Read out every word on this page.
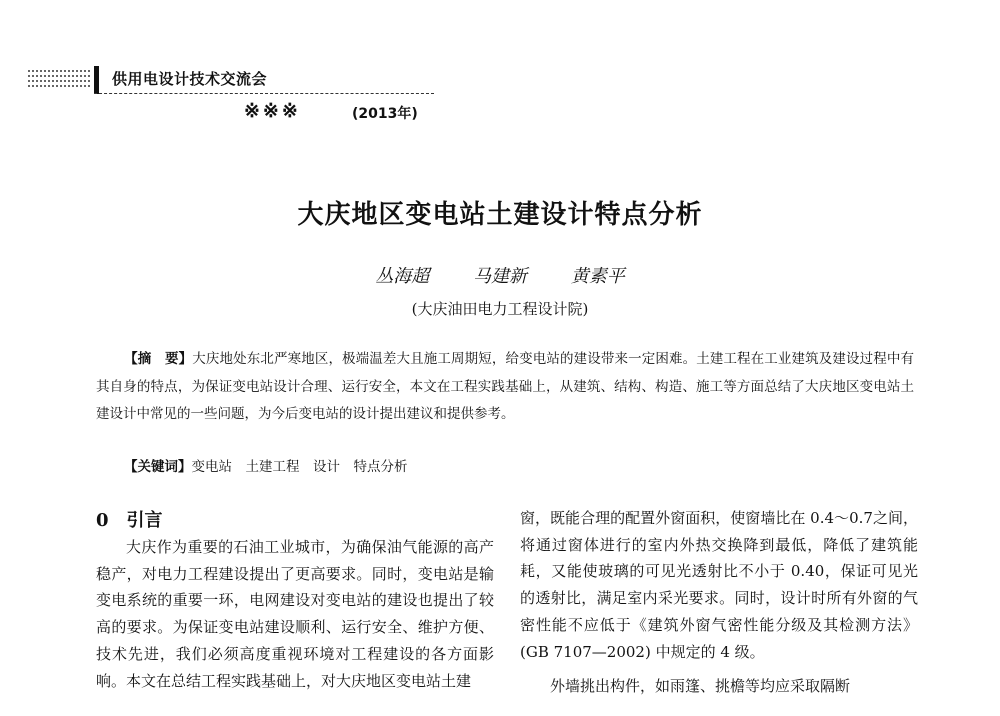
供用电设计技术交流会
※※※	(2013年)
大庆地区变电站土建设计特点分析
丛海超 马建新 黄素平
(大庆油田电力工程设计院)
【摘　要】大庆地处东北严寒地区，极端温差大且施工周期短，给变电站的建设带来一定困难。土建工程在工业建筑及建设过程中有其自身的特点，为保证变电站设计合理、运行安全，本文在工程实践基础上，从建筑、结构、构造、施工等方面总结了大庆地区变电站土建设计中常见的一些问题，为今后变电站的设计提出建议和提供参考。
【关键词】变电站　土建工程　设计　特点分析
0 引言

大庆作为重要的石油工业城市，为确保油气能源的高产稳产，对电力工程建设提出了更高要求。同时，变电站是输变电系统的重要一环，电网建设对变电站的建设也提出了较高的要求。为保证变电站建设顺利、运行安全、维护方便、技术先进，我们必须高度重视环境对工程建设的各方面影响。本文在总结工程实践基础上，对大庆地区变电站土建

窗，既能合理的配置外窗面积，使窗墙比在 0.4～0.7之间，将通过窗体进行的室内外热交换降到最低，降低了建筑能耗，又能使玻璃的可见光透射比不小于 0.40，保证可见光的透射比，满足室内采光要求。同时，设计时所有外窗的气密性能不应低于《建筑外窗气密性能分级及其检测方法》(GB 7107—2002) 中规定的 4 级。

外墙挑出构件，如雨篷、挑檐等均应采取隔断
